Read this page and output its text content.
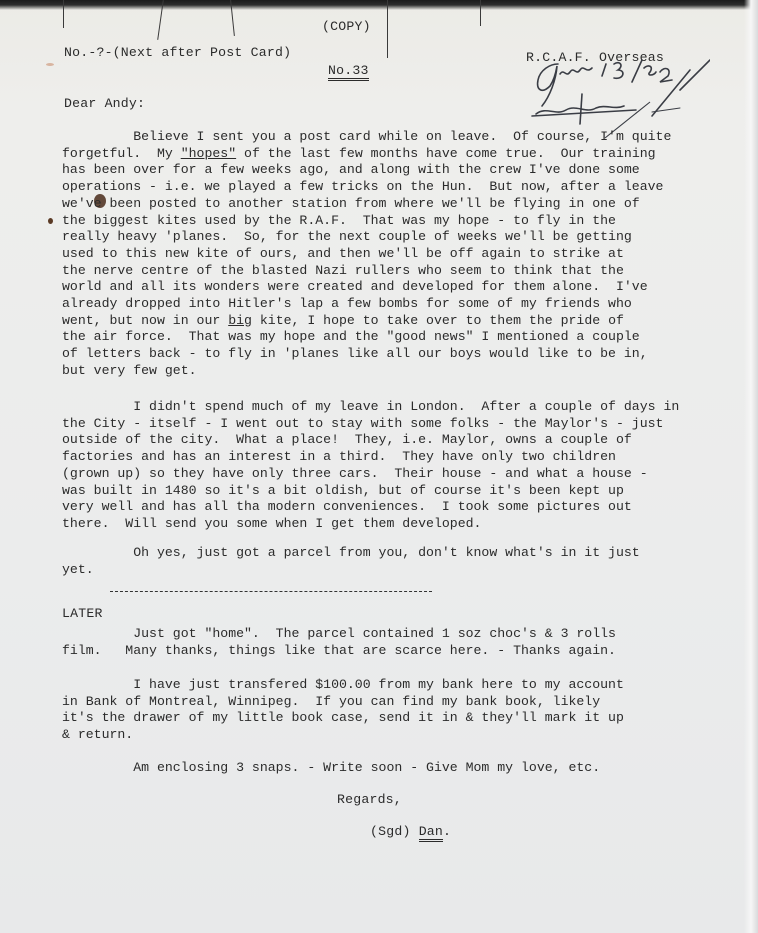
(COPY)
No.-?-(Next after Post Card)
No.33
R.C.A.F. Overseas
Dear Andy:
Believe I sent you a post card while on leave.  Of course, I'm quite
forgetful.  My "hopes" of the last few months have come true.  Our training
has been over for a few weeks ago, and along with the crew I've done some
operations - i.e. we played a few tricks on the Hun.  But now, after a leave
we've been posted to another station from where we'll be flying in one of
the biggest kites used by the R.A.F.  That was my hope - to fly in the
really heavy 'planes.  So, for the next couple of weeks we'll be getting
used to this new kite of ours, and then we'll be off again to strike at
the nerve centre of the blasted Nazi rullers who seem to think that the
world and all its wonders were created and developed for them alone.  I've
already dropped into Hitler's lap a few bombs for some of my friends who
went, but now in our big kite, I hope to take over to them the pride of
the air force.  That was my hope and the "good news" I mentioned a couple
of letters back - to fly in 'planes like all our boys would like to be in,
but very few get.
I didn't spend much of my leave in London.  After a couple of days in
the City - itself - I went out to stay with some folks - the Maylor's - just
outside of the city.  What a place!  They, i.e. Maylor, owns a couple of
factories and has an interest in a third.  They have only two children
(grown up) so they have only three cars.  Their house - and what a house -
was built in 1480 so it's a bit oldish, but of course it's been kept up
very well and has all tha modern conveniences.  I took some pictures out
there.  Will send you some when I get them developed.
Oh yes, just got a parcel from you, don't know what's in it just
yet.
LATER
Just got "home".  The parcel contained 1 soz choc's & 3 rolls
film.   Many thanks, things like that are scarce here. - Thanks again.
I have just transfered $100.00 from my bank here to my account
in Bank of Montreal, Winnipeg.  If you can find my bank book, likely
it's the drawer of my little book case, send it in & they'll mark it up
& return.
Am enclosing 3 snaps. - Write soon - Give Mom my love, etc.
Regards,
(Sgd) Dan.
